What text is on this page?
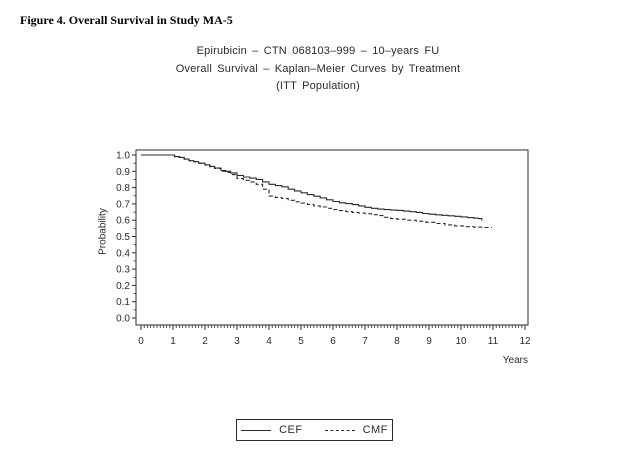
Figure 4. Overall Survival in Study MA-5
Epirubicin – CTN 068103–999 – 10–years FU
Overall Survival – Kaplan–Meier Curves by Treatment
(ITT Population)
Probability
0	1	2	3	4	5	6	7	8	9 10 11 12
1.0
0.9
0.8
0.7
0.6
0.5
0.4
0.3
0.2
0.1
0.0
Years
CEF	CMF
